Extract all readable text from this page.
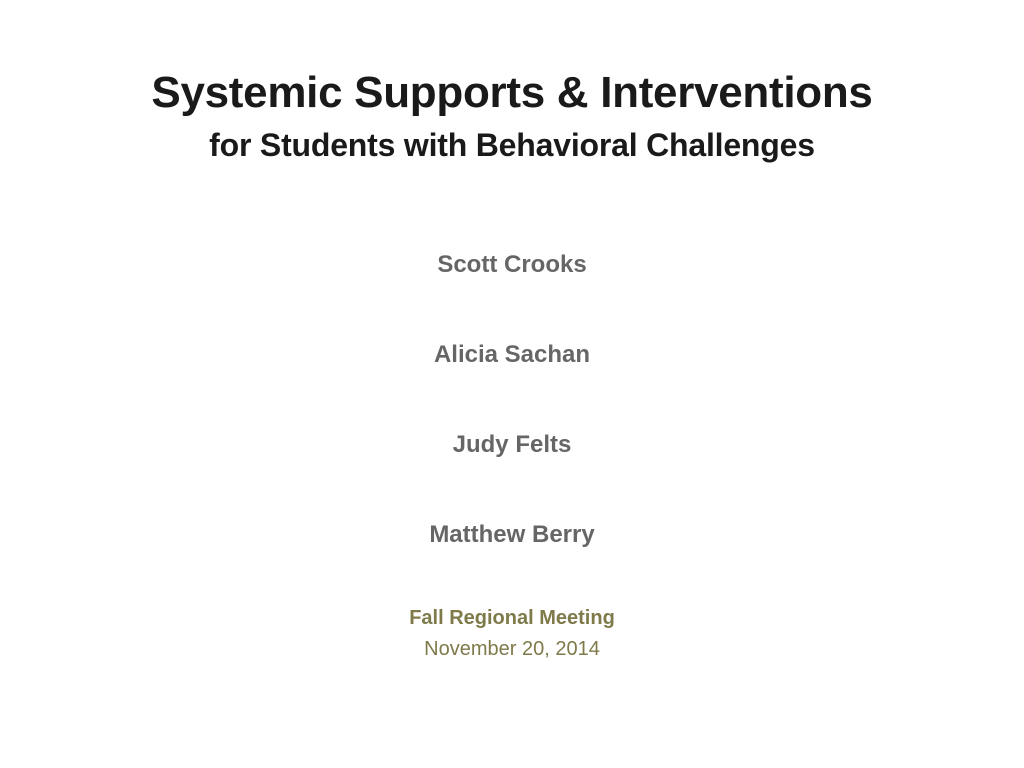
Systemic Supports & Interventions
for Students with Behavioral Challenges
Scott Crooks
Alicia Sachan
Judy Felts
Matthew Berry
Fall Regional Meeting
November 20, 2014
